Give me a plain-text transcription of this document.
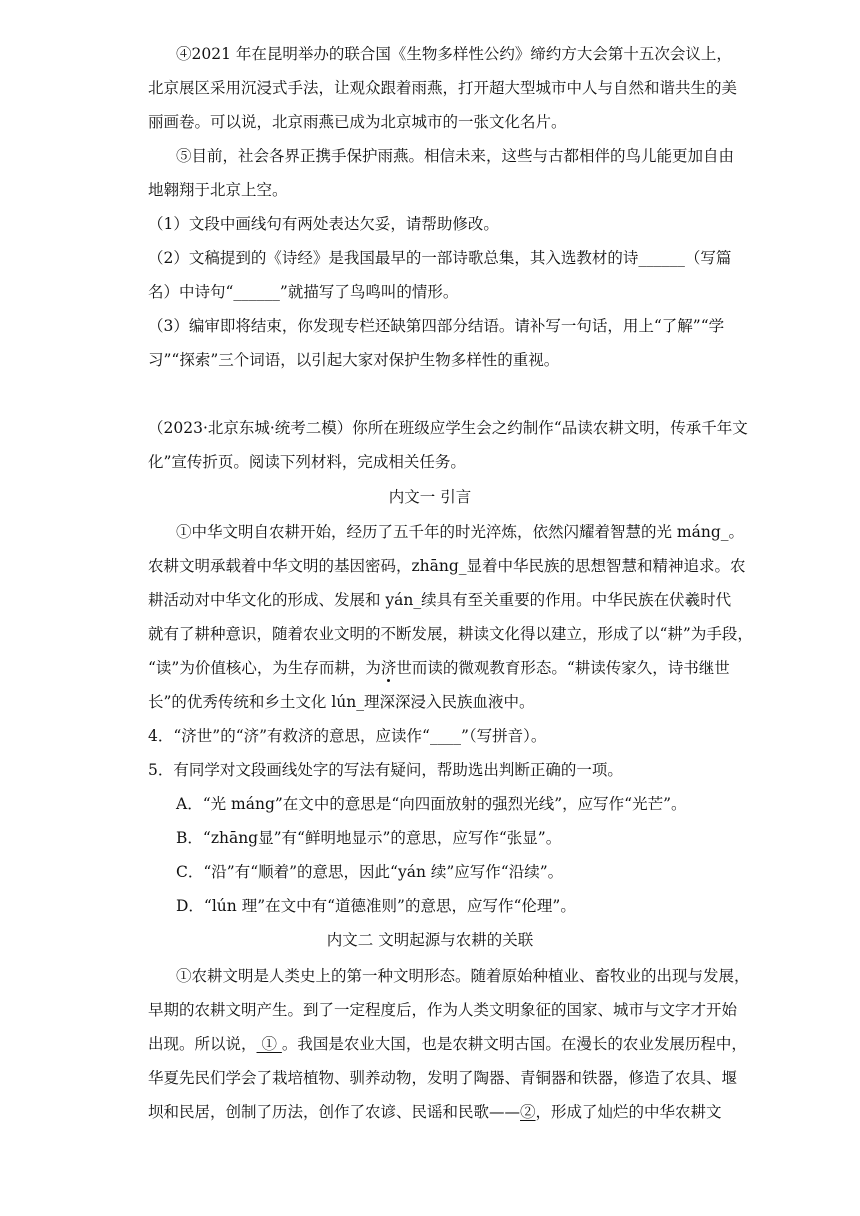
④2021 年在昆明举办的联合国《生物多样性公约》缔约方大会第十五次会议上，
北京展区采用沉浸式手法，让观众跟着雨燕，打开超大型城市中人与自然和谐共生的美
丽画卷。可以说，北京雨燕已成为北京城市的一张文化名片。
⑤目前，社会各界正携手保护雨燕。相信未来，这些与古都相伴的鸟儿能更加自由
地翱翔于北京上空。
（1）文段中画线句有两处表达欠妥，请帮助修改。
（2）文稿提到的《诗经》是我国最早的一部诗歌总集，其入选教材的诗______（写篇
名）中诗句“______”就描写了鸟鸣叫的情形。
（3）编审即将结束，你发现专栏还缺第四部分结语。请补写一句话，用上“了解”“学
习”“探索”三个词语，以引起大家对保护生物多样性的重视。
（2023·北京东城·统考二模）你所在班级应学生会之约制作“品读农耕文明，传承千年文
化”宣传折页。阅读下列材料，完成相关任务。
内文一 引言
①中华文明自农耕开始，经历了五千年的时光淬炼，依然闪耀着智慧的光 máng_。
农耕文明承载着中华文明的基因密码，zhāng_显着中华民族的思想智慧和精神追求。农
耕活动对中华文化的形成、发展和 yán_续具有至关重要的作用。中华民族在伏羲时代
就有了耕种意识，随着农业文明的不断发展，耕读文化得以建立，形成了以“耕”为手段，
“读”为价值核心，为生存而耕，为济世而读的微观教育形态。“耕读传家久，诗书继世
长”的优秀传统和乡土文化 lún_理深深浸入民族血液中。
4．“济世”的“济”有救济的意思，应读作“____”（写拼音）。
5．有同学对文段画线处字的写法有疑问，帮助选出判断正确的一项。
A．“光 máng”在文中的意思是“向四面放射的强烈光线”，应写作“光芒”。
B．“zhāng显”有“鲜明地显示”的意思，应写作“张显”。
C．“沿”有“顺着”的意思，因此“yán 续”应写作“沿续”。
D．“lún 理”在文中有“道德准则”的意思，应写作“伦理”。
内文二 文明起源与农耕的关联
①农耕文明是人类史上的第一种文明形态。随着原始种植业、畜牧业的出现与发展，
早期的农耕文明产生。到了一定程度后，作为人类文明象征的国家、城市与文字才开始
出现。所以说， ① 。我国是农业大国，也是农耕文明古国。在漫长的农业发展历程中，
华夏先民们学会了栽培植物、驯养动物，发明了陶器、青铜器和铁器，修造了农具、堰
坝和民居，创制了历法，创作了农谚、民谣和民歌——②，形成了灿烂的中华农耕文
